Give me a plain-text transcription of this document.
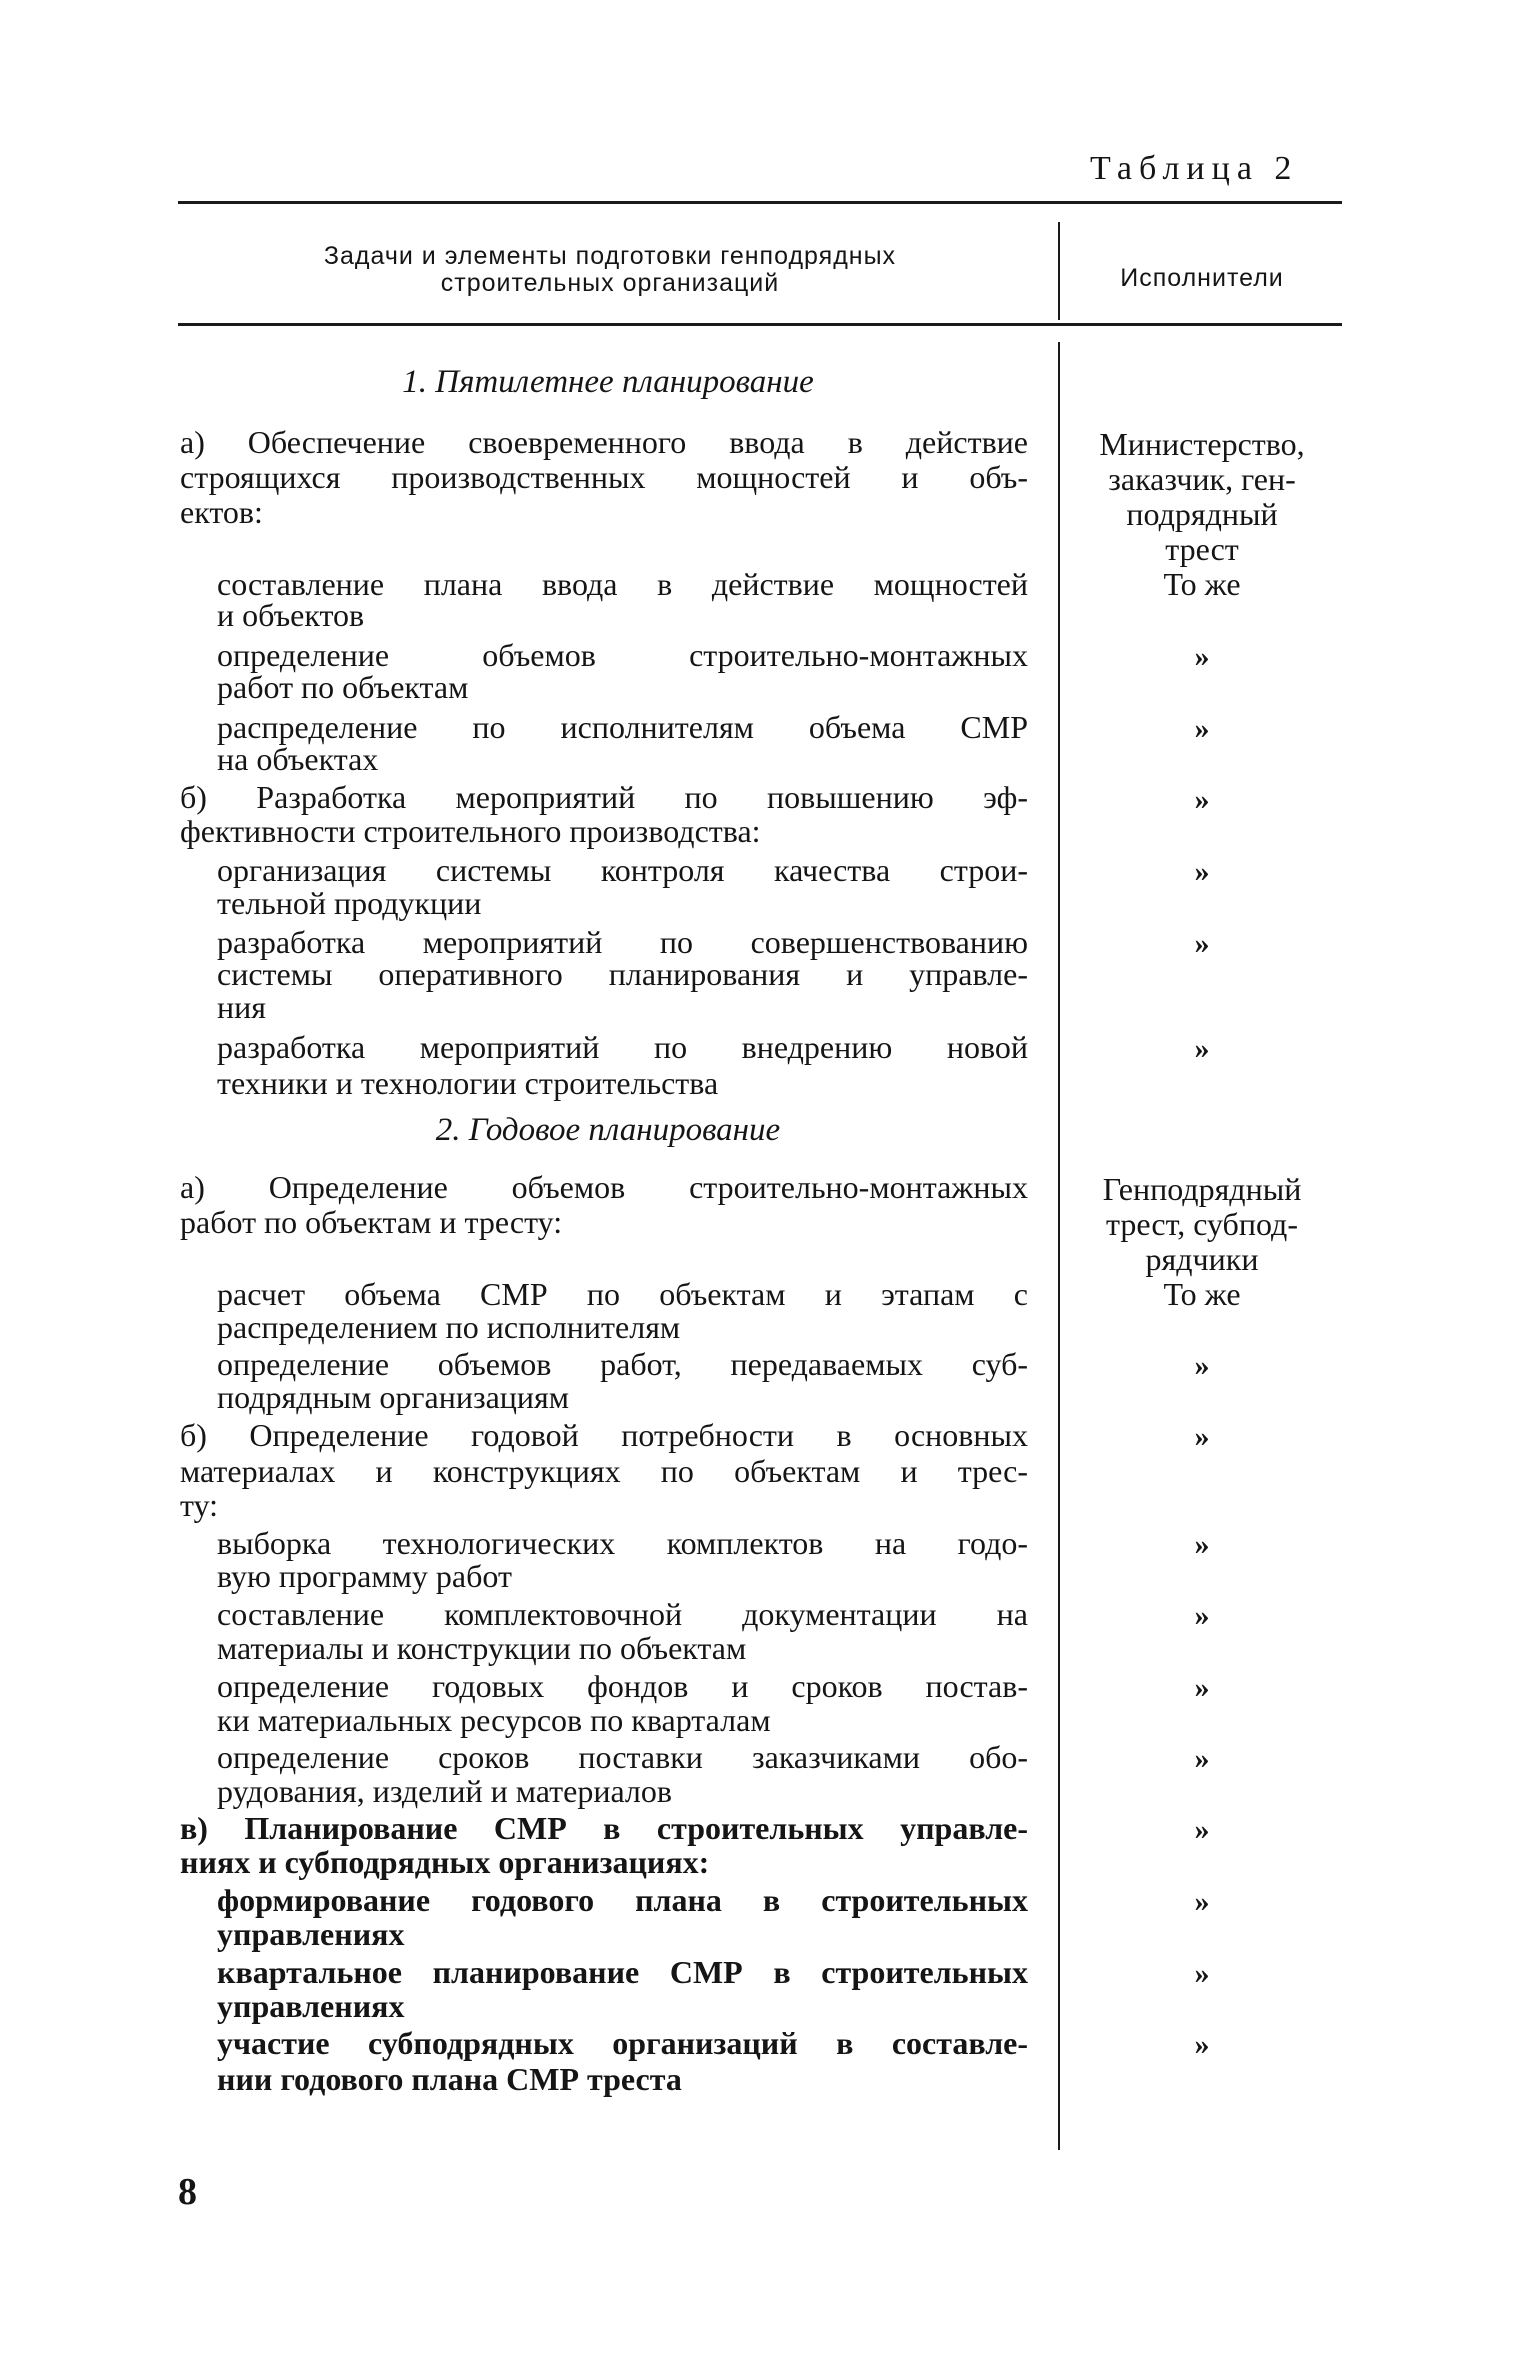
Таблица 2
Задачи и элементы подготовки генподрядных
строительных организаций	Исполнители
1. Пятилетнее планирование
а) Обеспечение своевременного ввода в действие
строящихся производственных мощностей и объ-
ектов:
Министерство,
заказчик, ген-
подрядный
трест
составление плана ввода в действие мощностей
и объектов
То же
определение объемов строительно-монтажных
работ по объектам
»
распределение по исполнителям объема СМР
на объектах
»
б) Разработка мероприятий по повышению эф-
фективности строительного производства:
»
организация системы контроля качества строи-
тельной продукции
»
разработка мероприятий по совершенствованию
системы оперативного планирования и управле-
ния
»
разработка мероприятий по внедрению новой
техники и технологии строительства
»
2. Годовое планирование
а) Определение объемов строительно-монтажных
работ по объектам и тресту:
Генподрядный
трест, субпод-
рядчики
расчет объема СМР по объектам и этапам с
распределением по исполнителям
То же
определение объемов работ, передаваемых суб-
подрядным организациям
»
б) Определение годовой потребности в основных
материалах и конструкциях по объектам и трес-
ту:
»
выборка технологических комплектов на годо-
вую программу работ
»
составление комплектовочной документации на
материалы и конструкции по объектам
»
определение годовых фондов и сроков постав-
ки материальных ресурсов по кварталам
»
определение сроков поставки заказчиками обо-
рудования, изделий и материалов
»
в) Планирование СМР в строительных управле-
ниях и субподрядных организациях:
»
формирование годового плана в строительных
управлениях
»
квартальное планирование СМР в строительных
управлениях
»
участие субподрядных организаций в составле-
нии годового плана СМР треста
»
8
